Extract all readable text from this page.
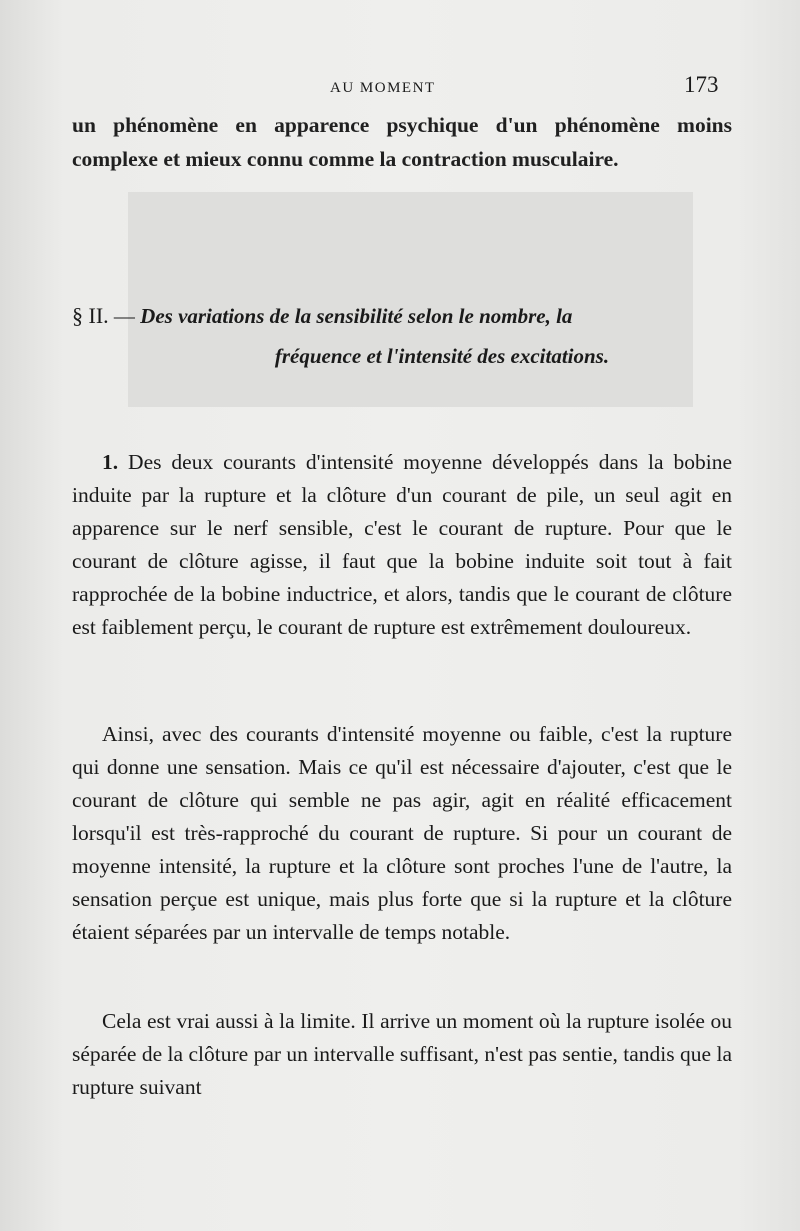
AU MOMENT	173
un phénomène en apparence psychique d'un phénomène moins complexe et mieux connu comme la contraction musculaire.
§ II. — Des variations de la sensibilité selon le nombre, la
fréquence et l'intensité des excitations.
1. Des deux courants d'intensité moyenne développés dans la bobine induite par la rupture et la clôture d'un courant de pile, un seul agit en apparence sur le nerf sensible, c'est le courant de rupture. Pour que le courant de clôture agisse, il faut que la bobine induite soit tout à fait rapprochée de la bobine inductrice, et alors, tandis que le courant de clôture est faiblement perçu, le courant de rupture est extrêmement douloureux.
Ainsi, avec des courants d'intensité moyenne ou faible, c'est la rupture qui donne une sensation. Mais ce qu'il est nécessaire d'ajouter, c'est que le courant de clôture qui semble ne pas agir, agit en réalité efficacement lorsqu'il est très-rapproché du courant de rupture. Si pour un courant de moyenne intensité, la rupture et la clôture sont proches l'une de l'autre, la sensation perçue est unique, mais plus forte que si la rupture et la clôture étaient séparées par un intervalle de temps notable.
Cela est vrai aussi à la limite. Il arrive un moment où la rupture isolée ou séparée de la clôture par un intervalle suffisant, n'est pas sentie, tandis que la rupture suivant
